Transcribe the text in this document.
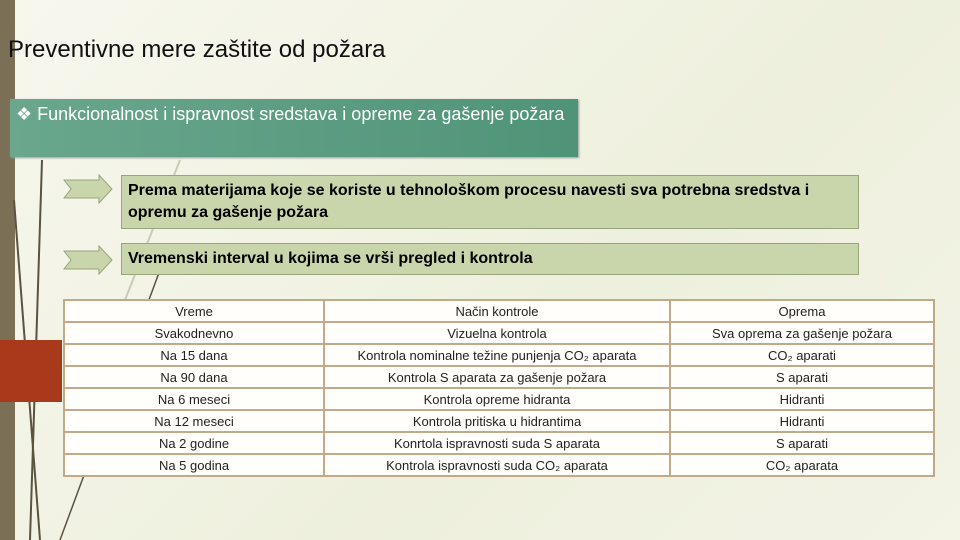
Preventivne mere zaštite od požara
❖ Funkcionalnost i ispravnost sredstava i opreme za gašenje požara
Prema materijama koje se koriste u tehnološkom procesu navesti sva potrebna sredstva i opremu za gašenje požara
Vremenski interval u kojima se vrši pregled i kontrola
Vreme	Način kontrole	Oprema
Svakodnevno	Vizuelna kontrola	Sva oprema za gašenje požara
Na 15 dana	Kontrola nominalne težine punjenja CO₂ aparata	CO₂ aparati
Na 90 dana	Kontrola S aparata za gašenje požara	S aparati
Na 6 meseci	Kontrola opreme hidranta	Hidranti
Na 12 meseci	Kontrola pritiska u hidrantima	Hidranti
Na 2 godine	Konrtola ispravnosti suda S aparata	S aparati
Na 5 godina	Kontrola ispravnosti suda CO₂ aparata	CO₂ aparata
